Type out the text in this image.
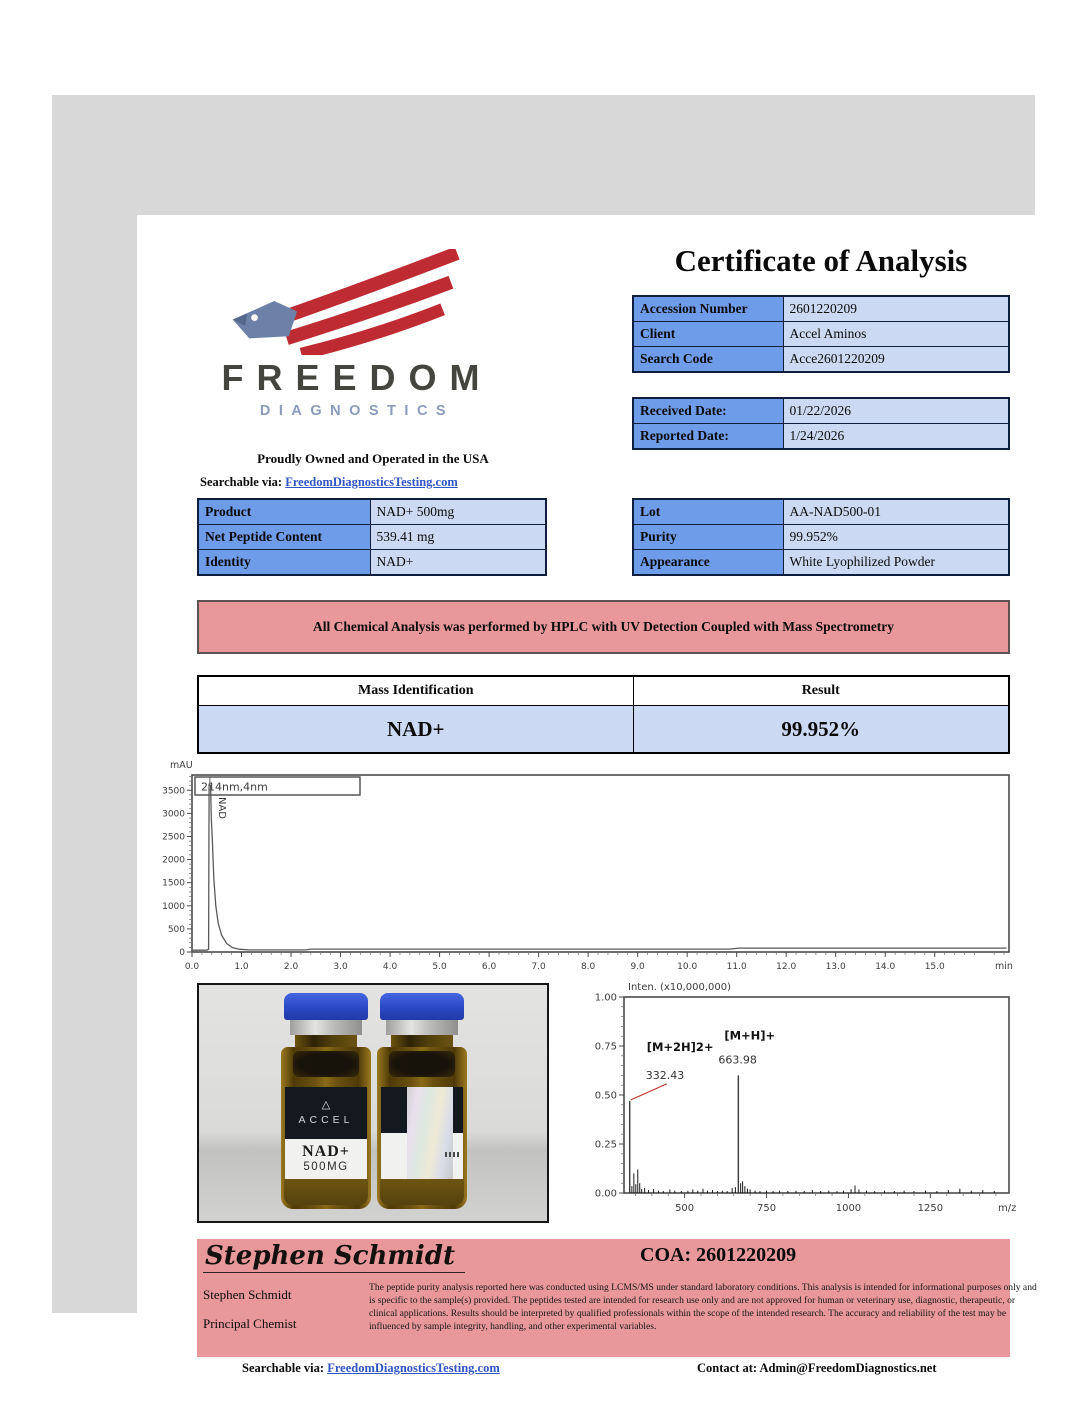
FREEDOM
DIAGNOSTICS
Proudly Owned and Operated in the USA
Searchable via: FreedomDiagnosticsTesting.com
Certificate of Analysis
Accession Number	2601220209
Client	Accel Aminos
Search Code	Acce2601220209
Received Date:	01/22/2026
Reported Date:	1/24/2026
Product	NAD+ 500mg
Net Peptide Content	539.41 mg
Identity	NAD+
Lot	AA-NAD500-01
Purity	99.952%
Appearance	White Lyophilized Powder
All Chemical Analysis was performed by HPLC with UV Detection Coupled with Mass Spectrometry
Mass Identification	Result
NAD+	99.952%
mAU
0
500
1000
1500
2000
2500
3000
3500
0.0	1.0	2.0	3.0	4.0	5.0	6.0	7.0	8.0	9.0	10.0	11.0	12.0	13.0	14.0	15.0	min
214nm,4nm
NAD
△
ACCEL
NAD+
500MG
Inten. (x10,000,000)
0.00
0.25
0.50
0.75
1.00
500	750	1000	1250	m/z
[M+2H]2+
332.43
[M+H]+
663.98
Stephen Schmidt
Stephen Schmidt
Principal Chemist
COA: 2601220209
The peptide purity analysis reported here was conducted using LCMS/MS under standard laboratory conditions. This analysis is intended for informational purposes only and is specific to the sample(s) provided. The peptides tested are intended for research use only and are not approved for human or veterinary use, diagnostic, therapeutic, or clinical applications. Results should be interpreted by qualified professionals within the scope of the intended research. The accuracy and reliability of the test may be influenced by sample integrity, handling, and other experimental variables.
Searchable via: FreedomDiagnosticsTesting.com	Contact at: Admin@FreedomDiagnostics.net
